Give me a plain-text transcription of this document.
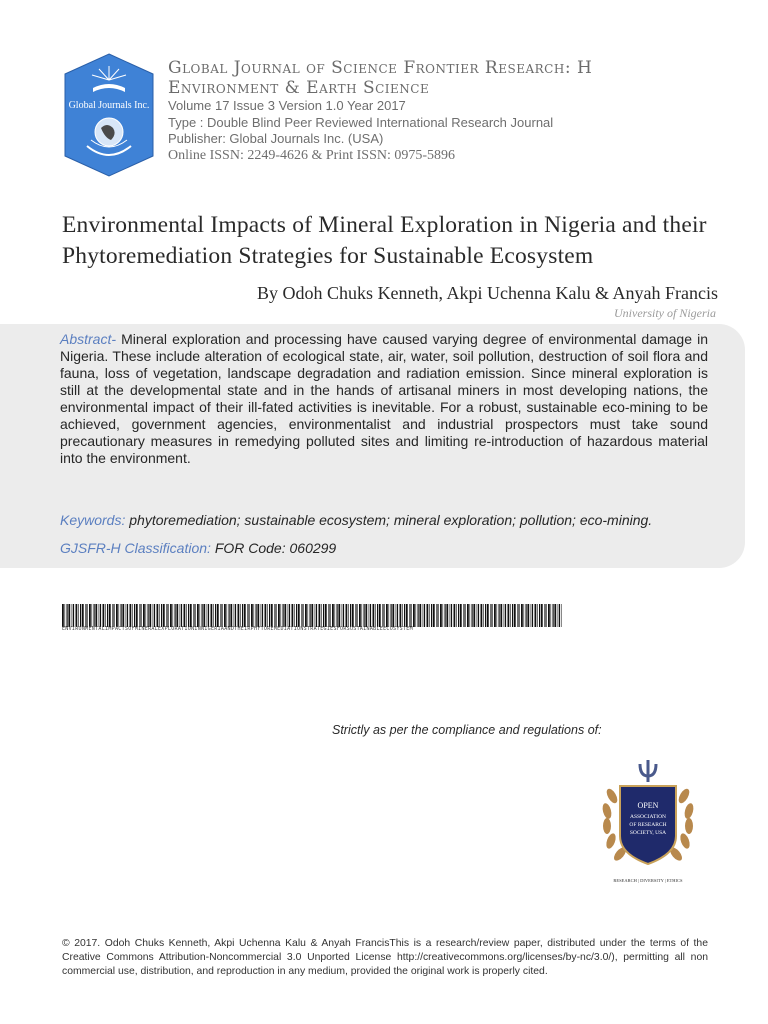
Global Journals Inc.
Global Journal of Science Frontier Research: H
Environment & Earth Science
Volume 17 Issue 3 Version 1.0 Year 2017
Type : Double Blind Peer Reviewed International Research Journal
Publisher: Global Journals Inc. (USA)
Online ISSN: 2249-4626 & Print ISSN: 0975-5896
Environmental Impacts of Mineral Exploration in Nigeria and their Phytoremediation Strategies for Sustainable Ecosystem
By Odoh Chuks Kenneth, Akpi Uchenna Kalu & Anyah Francis
University of Nigeria
Abstract- Mineral exploration and processing have caused varying degree of environmental damage in Nigeria. These include alteration of ecological state, air, water, soil pollution, destruction of soil flora and fauna, loss of vegetation, landscape degradation and radiation emission. Since mineral exploration is still at the developmental state and in the hands of artisanal miners in most developing nations, the environmental impact of their ill-fated activities is inevitable. For a robust, sustainable eco-mining to be achieved, government agencies, environmentalist and industrial prospectors must take sound precautionary measures in remedying polluted sites and limiting re-introduction of hazardous material into the environment.
Keywords: phytoremediation; sustainable ecosystem; mineral exploration; pollution; eco-mining.
GJSFR-H Classification: FOR Code: 060299
ENVIRONMENTALIMPACTSOFMINERALEXPLORATIONINNIGERIAANDTHEIRPHYTOREMEDIATIONSTRATEGIESFORSUSTAINABLEECOSYSTEM
Strictly as per the compliance and regulations of:
OPEN
ASSOCIATION
OF RESEARCH
SOCIETY, USA
RESEARCH | DIVERSITY | ETHICS
© 2017. Odoh Chuks Kenneth, Akpi Uchenna Kalu & Anyah FrancisThis is a research/review paper, distributed under the terms of the Creative Commons Attribution-Noncommercial 3.0 Unported License http://creativecommons.org/licenses/by-nc/3.0/), permitting all non commercial use, distribution, and reproduction in any medium, provided the original work is properly cited.
